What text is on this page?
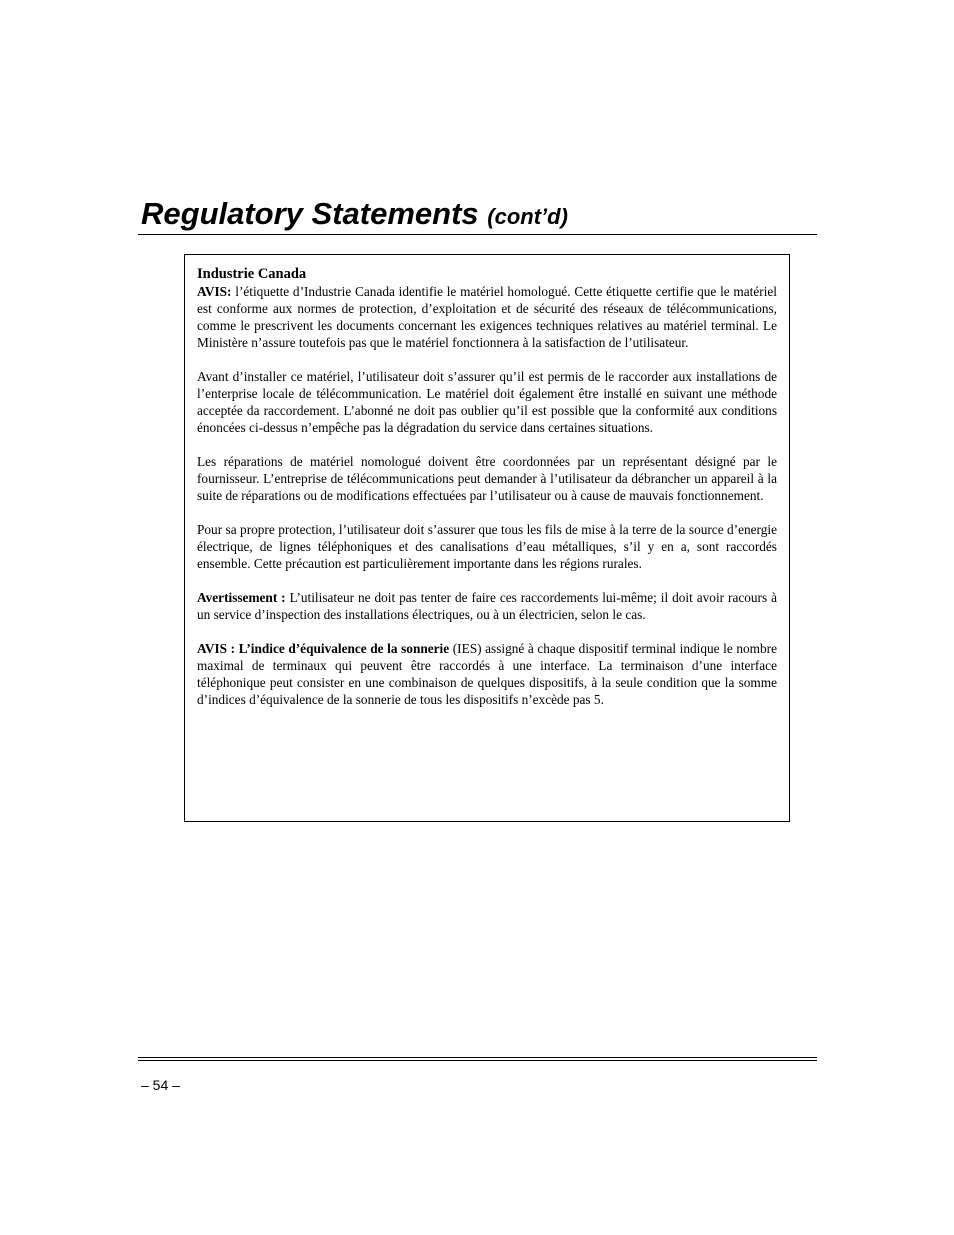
Regulatory Statements (cont’d)
Industrie Canada

AVIS: l’étiquette d’Industrie Canada identifie le matériel homologué. Cette étiquette certifie que le matériel est conforme aux normes de protection, d’exploitation et de sécurité des réseaux de télécommunications, comme le prescrivent les documents concernant les exigences techniques relatives au matériel terminal. Le Ministère n’assure toutefois pas que le matériel fonctionnera à la satisfaction de l’utilisateur.

Avant d’installer ce matériel, l’utilisateur doit s’assurer qu’il est permis de le raccorder aux installations de l’enterprise locale de télécommunication. Le matériel doit également être installé en suivant une méthode acceptée da raccordement. L’abonné ne doit pas oublier qu’il est possible que la conformité aux conditions énoncées ci-dessus n’empêche pas la dégradation du service dans certaines situations.

Les réparations de matériel nomologué doivent être coordonnées par un représentant désigné par le fournisseur. L’entreprise de télécommunications peut demander à l’utilisateur da débrancher un appareil à la suite de réparations ou de modifications effectuées par l’utilisateur ou à cause de mauvais fonctionnement.

Pour sa propre protection, l’utilisateur doit s’assurer que tous les fils de mise à la terre de la source d’energie électrique, de lignes téléphoniques et des canalisations d’eau métalliques, s’il y en a, sont raccordés ensemble. Cette précaution est particulièrement importante dans les régions rurales.

Avertissement : L’utilisateur ne doit pas tenter de faire ces raccordements lui-même; il doit avoir racours à un service d’inspection des installations électriques, ou à un électricien, selon le cas.

AVIS : L’indice d’équivalence de la sonnerie (IES) assigné à chaque dispositif terminal indique le nombre maximal de terminaux qui peuvent être raccordés à une interface. La terminaison d’une interface téléphonique peut consister en une combinaison de quelques dispositifs, à la seule condition que la somme d’indices d’équivalence de la sonnerie de tous les dispositifs n’excède pas 5.

– 54 –
